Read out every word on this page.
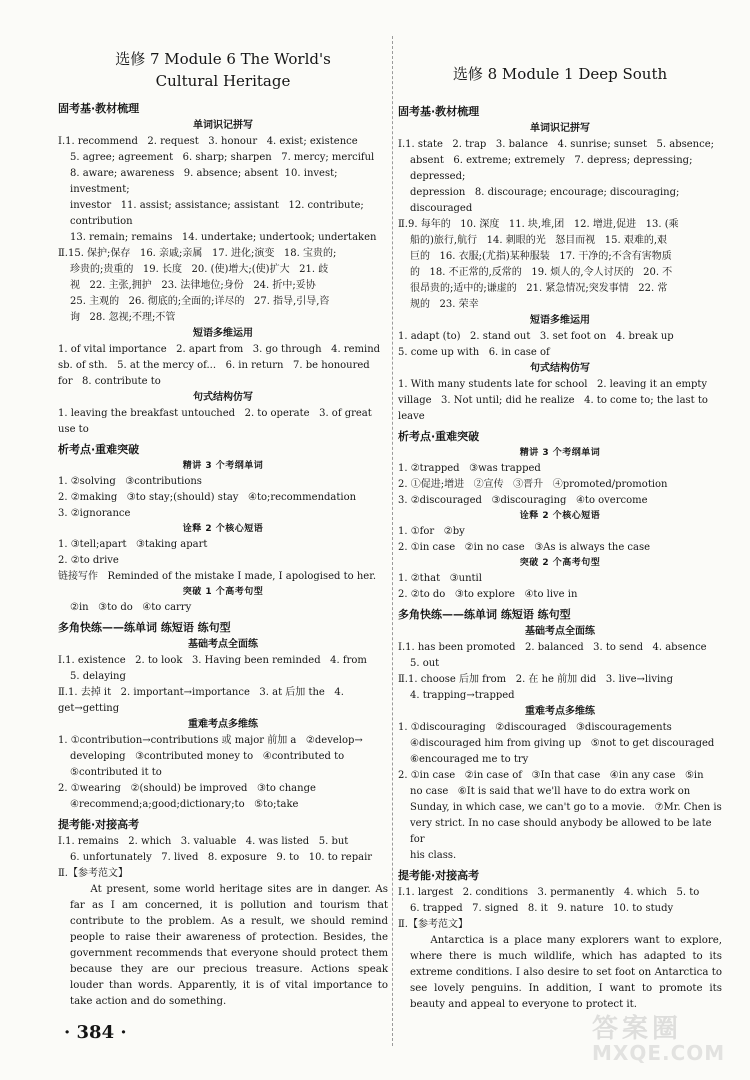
选修 7 Module 6 The World's
Cultural Heritage
固考基·教材梳理
单词识记拼写
Ⅰ.1. recommend   2. request   3. honour   4. exist; existence
5. agree; agreement   6. sharp; sharpen   7. mercy; merciful
8. aware; awareness   9. absence; absent  10. invest; investment;
investor   11. assist; assistance; assistant   12. contribute; contribution
13. remain; remains   14. undertake; undertook; undertaken
Ⅱ.15. 保护;保存   16. 亲戚;亲属   17. 进化;演变   18. 宝贵的;
珍贵的;贵重的   19. 长度   20. (使)增大;(使)扩大   21. 歧
视   22. 主张,拥护   23. 法律地位;身份   24. 折中;妥协
25. 主观的   26. 彻底的;全面的;详尽的   27. 指导,引导,咨
询   28. 忽视;不理;不管
短语多维运用
1. of vital importance   2. apart from   3. go through   4. remind
sb. of sth.   5. at the mercy of...   6. in return   7. be honoured
for   8. contribute to
句式结构仿写
1. leaving the breakfast untouched   2. to operate   3. of great use to
析考点·重难突破
精讲 3 个考纲单词
1. ②solving   ③contributions
2. ②making   ③to stay;(should) stay   ④to;recommendation
3. ②ignorance
诠释 2 个核心短语
1. ③tell;apart   ③taking apart
2. ②to drive
链接写作   Reminded of the mistake I made, I apologised to her.
突破 1 个高考句型
②in   ③to do   ④to carry
多角快练——练单词 练短语 练句型
基础考点全面练
Ⅰ.1. existence   2. to look   3. Having been reminded   4. from
5. delaying
Ⅱ.1. 去掉 it   2. important→importance   3. at 后加 the   4. get→getting
重难考点多维练
1. ①contribution→contributions 或 major 前加 a   ②develop→
developing   ③contributed money to   ④contributed to
⑤contributed it to
2. ①wearing   ②(should) be improved   ③to change
④recommend;a;good;dictionary;to   ⑤to;take
提考能·对接高考
Ⅰ.1. remains   2. which   3. valuable   4. was listed   5. but
6. unfortunately   7. lived   8. exposure   9. to   10. to repair
Ⅱ.【参考范文】
At present, some world heritage sites are in danger. As far as I am concerned, it is pollution and tourism that contribute to the problem. As a result, we should remind people to raise their awareness of protection. Besides, the government recommends that everyone should protect them because they are our precious treasure. Actions speak louder than words. Apparently, it is of vital importance to take action and do something.
选修 8 Module 1 Deep South
固考基·教材梳理
单词识记拼写
Ⅰ.1. state   2. trap   3. balance   4. sunrise; sunset   5. absence;
absent   6. extreme; extremely   7. depress; depressing; depressed;
depression   8. discourage; encourage; discouraging; discouraged
Ⅱ.9. 每年的   10. 深度   11. 块,堆,团   12. 增进,促进   13. (乘
船的)旅行,航行   14. 刺眼的光   怒目而视   15. 艰难的,艰
巨的   16. 衣服;(尤指)某种服装   17. 干净的;不含有害物质
的   18. 不正常的,反常的   19. 烦人的,令人讨厌的   20. 不
很昂贵的;适中的;谦虚的   21. 紧急情况;突发事情   22. 常
规的   23. 荣幸
短语多维运用
1. adapt (to)   2. stand out   3. set foot on   4. break up
5. come up with   6. in case of
句式结构仿写
1. With many students late for school   2. leaving it an empty
village   3. Not until; did he realize   4. to come to; the last to
leave
析考点·重难突破
精讲 3 个考纲单词
1. ②trapped   ③was trapped
2. ①促进;增进   ②宣传   ③晋升   ④promoted/promotion
3. ②discouraged   ③discouraging   ④to overcome
诠释 2 个核心短语
1. ①for   ②by
2. ①in case   ②in no case   ③As is always the case
突破 2 个高考句型
1. ②that   ③until
2. ②to do   ③to explore   ④to live in
多角快练——练单词 练短语 练句型
基础考点全面练
Ⅰ.1. has been promoted   2. balanced   3. to send   4. absence
5. out
Ⅱ.1. choose 后加 from   2. 在 he 前加 did   3. live→living
4. trapping→trapped
重难考点多维练
1. ①discouraging   ②discouraged   ③discouragements
④discouraged him from giving up   ⑤not to get discouraged
⑥encouraged me to try
2. ①in case   ②in case of   ③In that case   ④in any case   ⑤in
no case   ⑥It is said that we'll have to do extra work on
Sunday, in which case, we can't go to a movie.   ⑦Mr. Chen is
very strict. In no case should anybody be allowed to be late for
his class.
提考能·对接高考
Ⅰ.1. largest   2. conditions   3. permanently   4. which   5. to
6. trapped   7. signed   8. it   9. nature   10. to study
Ⅱ.【参考范文】
Antarctica is a place many explorers want to explore, where there is much wildlife, which has adapted to its extreme conditions. I also desire to set foot on Antarctica to see lovely penguins. In addition, I want to promote its beauty and appeal to everyone to protect it.
· 384 ·	答案圈
MXQE.COM
